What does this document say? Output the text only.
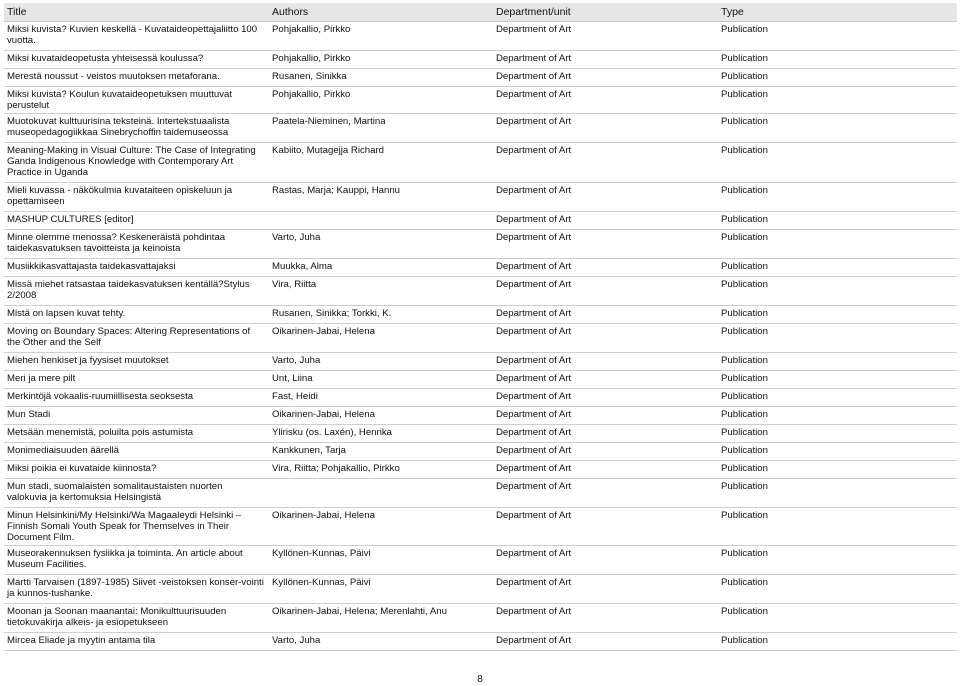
Title	Authors	Department/unit	Type
Miksi kuvista? Kuvien keskellä - Kuvataideopettajaliitto 100 vuotta.	Pohjakallio, Pirkko	Department of Art	Publication
Miksi kuvataideopetusta yhteisessä koulussa?	Pohjakallio, Pirkko	Department of Art	Publication
Merestä noussut - veistos muutoksen metaforana.	Rusanen, Sinikka	Department of Art	Publication
Miksi kuvista? Koulun kuvataideopetuksen muuttuvat perustelut	Pohjakallio, Pirkko	Department of Art	Publication
Muotokuvat kulttuurisina teksteinä. Intertekstuaalista museopedagogiikkaa Sinebrychoffin taidemuseossa	Paatela-Nieminen, Martina	Department of Art	Publication
Meaning-Making in Visual Culture: The Case of Integrating Ganda Indigenous Knowledge with Contemporary Art Practice in Uganda	Kabiito, Mutagejja Richard	Department of Art	Publication
Mieli kuvassa - näkökulmia kuvataiteen opiskeluun ja opettamiseen	Rastas, Marja; Kauppi, Hannu	Department of Art	Publication
MASHUP CULTURES [editor]		Department of Art	Publication
Minne olemme menossa? Keskeneräistä pohdintaa taidekasvatuksen tavoitteista ja keinoista	Varto, Juha	Department of Art	Publication
Musiikkikasvattajasta taidekasvattajaksi	Muukka, Alma	Department of Art	Publication
Missä miehet ratsastaa taidekasvatuksen kentällä?Stylus 2/2008	Vira, Riitta	Department of Art	Publication
Mistä on lapsen kuvat tehty.	Rusanen, Sinikka; Torkki, K.	Department of Art	Publication
Moving on Boundary Spaces: Altering Representations of the Other and the Self	Oikarinen-Jabai, Helena	Department of Art	Publication
Miehen henkiset ja fyysiset muutokset	Varto, Juha	Department of Art	Publication
Meri ja mere pilt	Unt, Liina	Department of Art	Publication
Merkintöjä vokaalis-ruumiillisesta seoksesta	Fast, Heidi	Department of Art	Publication
Mun Stadi	Oikarinen-Jabai, Helena	Department of Art	Publication
Metsään menemistä, poluilta pois astumista	Ylirisku (os. Laxén), Henrika	Department of Art	Publication
Monimediaisuuden äärellä	Kankkunen, Tarja	Department of Art	Publication
Miksi poikia ei kuvataide kiinnosta?	Vira, Riitta; Pohjakallio, Pirkko	Department of Art	Publication
Mun stadi, suomalaisten somalitaustaisten nuorten valokuvia ja kertomuksia Helsingistä		Department of Art	Publication
Minun Helsinkini/My Helsinki/Wa Magaaleydi Helsinki – Finnish Somali Youth Speak for Themselves in Their Document Film.	Oikarinen-Jabai, Helena	Department of Art	Publication
Museorakennuksen fysiikka ja toiminta. An article about Museum Facilities.	Kyllönen-Kunnas, Päivi	Department of Art	Publication
Martti Tarvaisen (1897-1985) Siivet -veistoksen konser-vointi ja kunnos-tushanke.	Kyllönen-Kunnas, Päivi	Department of Art	Publication
Moonan ja Soonan maanantai: Monikulttuurisuuden tietokuvakirja alkeis- ja esiopetukseen	Oikarinen-Jabai, Helena; Merenlahti, Anu	Department of Art	Publication
Mircea Eliade ja myytin antama tila	Varto, Juha	Department of Art	Publication
8
